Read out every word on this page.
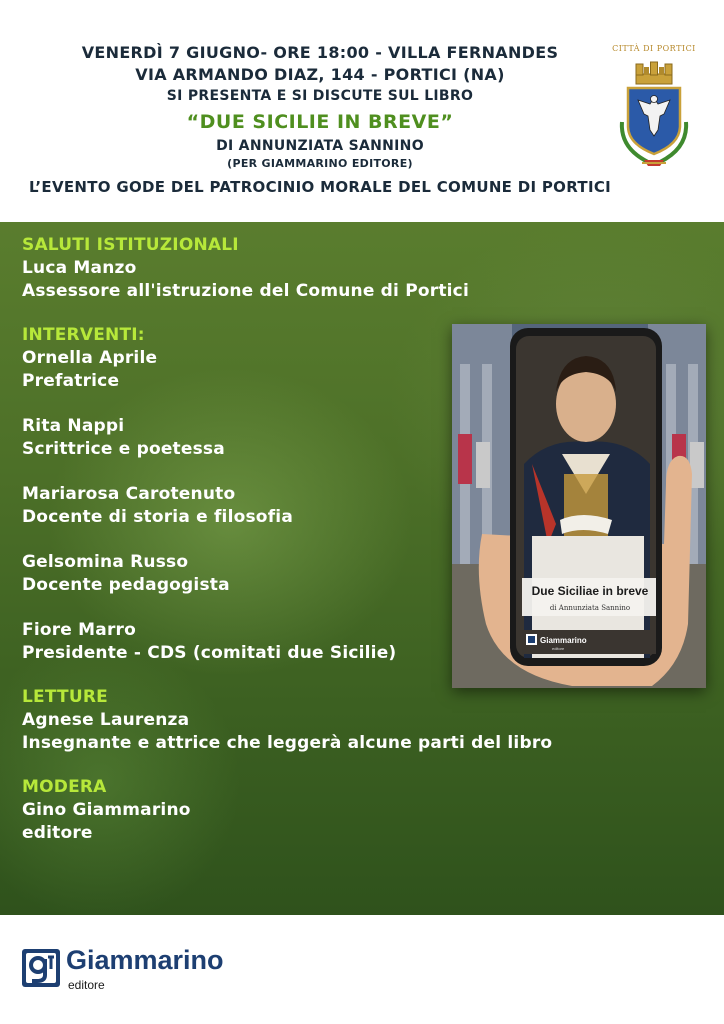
VENERDÌ 7 GIUGNO- ORE 18:00 - VILLA FERNANDES
VIA ARMANDO DIAZ, 144 - PORTICI (NA)
SI PRESENTA E SI DISCUTE SUL LIBRO
“DUE SICILIE IN BREVE”
DI ANNUNZIATA SANNINO
(PER GIAMMARINO EDITORE)
L’EVENTO GODE DEL PATROCINIO MORALE DEL COMUNE DI PORTICI
CITTÀ DI PORTICI
SALUTI ISTITUZIONALI
Luca Manzo
Assessore all'istruzione del Comune di Portici
INTERVENTI:
Ornella Aprile
Prefatrice
Rita Nappi
Scrittrice e poetessa
Mariarosa Carotenuto
Docente di storia e filosofia
Gelsomina Russo
Docente pedagogista
Fiore Marro
Presidente - CDS (comitati due Sicilie)
LETTURE
Agnese Laurenza
Insegnante e attrice che leggerà alcune parti del libro
MODERA
Gino Giammarino
editore
Due Siciliae in breve
di Annunziata Sannino
Giammarino
editore
Giammarino
editore
